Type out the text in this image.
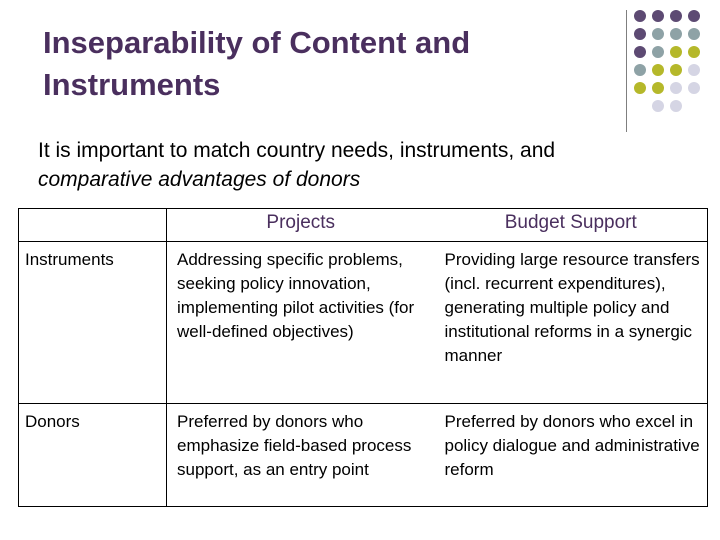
Inseparability of Content and
Instruments
It is important to match country needs, instruments, and
comparative advantages of donors
	Projects	Budget Support
Instruments	Addressing specific problems, seeking policy innovation, implementing pilot activities (for well-defined objectives)	Providing large resource transfers (incl. recurrent expenditures), generating multiple policy and institutional reforms in a synergic manner
Donors	Preferred by donors who emphasize field-based process support, as an entry point	Preferred by donors who excel in policy dialogue and administrative reform
